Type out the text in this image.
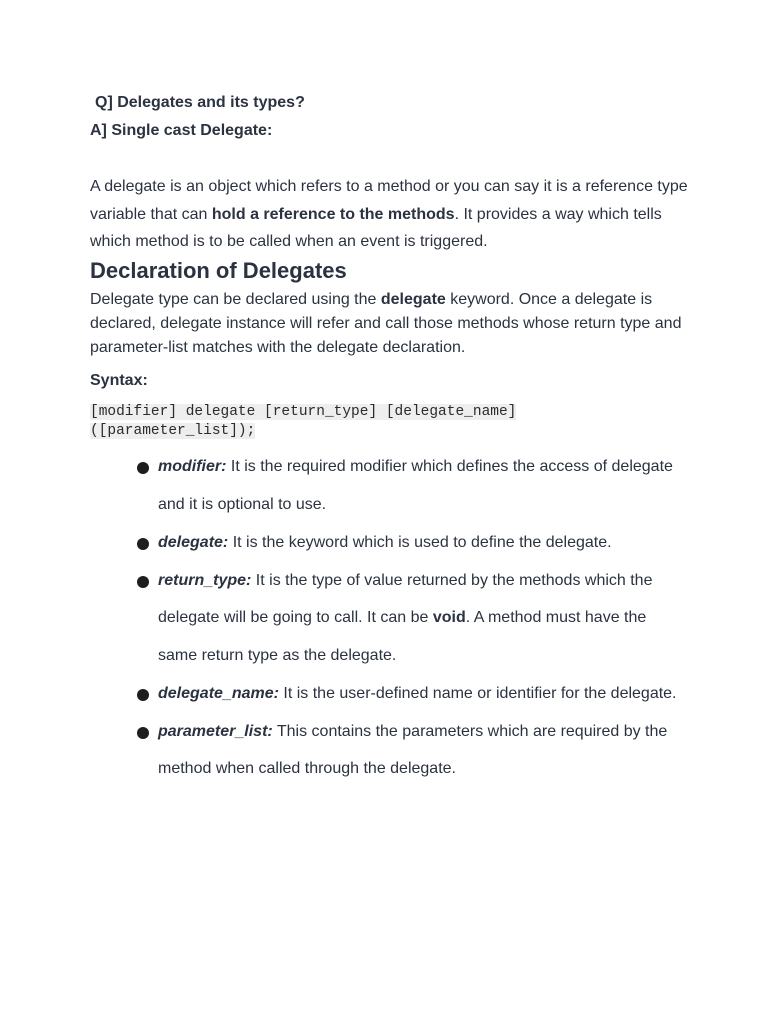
Q] Delegates and its types?

A] Single cast Delegate:

A delegate is an object which refers to a method or you can say it is a reference type variable that can hold a reference to the methods. It provides a way which tells which method is to be called when an event is triggered.

Declaration of Delegates

Delegate type can be declared using the delegate keyword. Once a delegate is declared, delegate instance will refer and call those methods whose return type and parameter-list matches with the delegate declaration.

Syntax:

[modifier] delegate [return_type] [delegate_name]
([parameter_list]);
modifier: It is the required modifier which defines the access of delegate and it is optional to use.
delegate: It is the keyword which is used to define the delegate.
return_type: It is the type of value returned by the methods which the delegate will be going to call. It can be void. A method must have the same return type as the delegate.
delegate_name: It is the user-defined name or identifier for the delegate.
parameter_list: This contains the parameters which are required by the method when called through the delegate.
